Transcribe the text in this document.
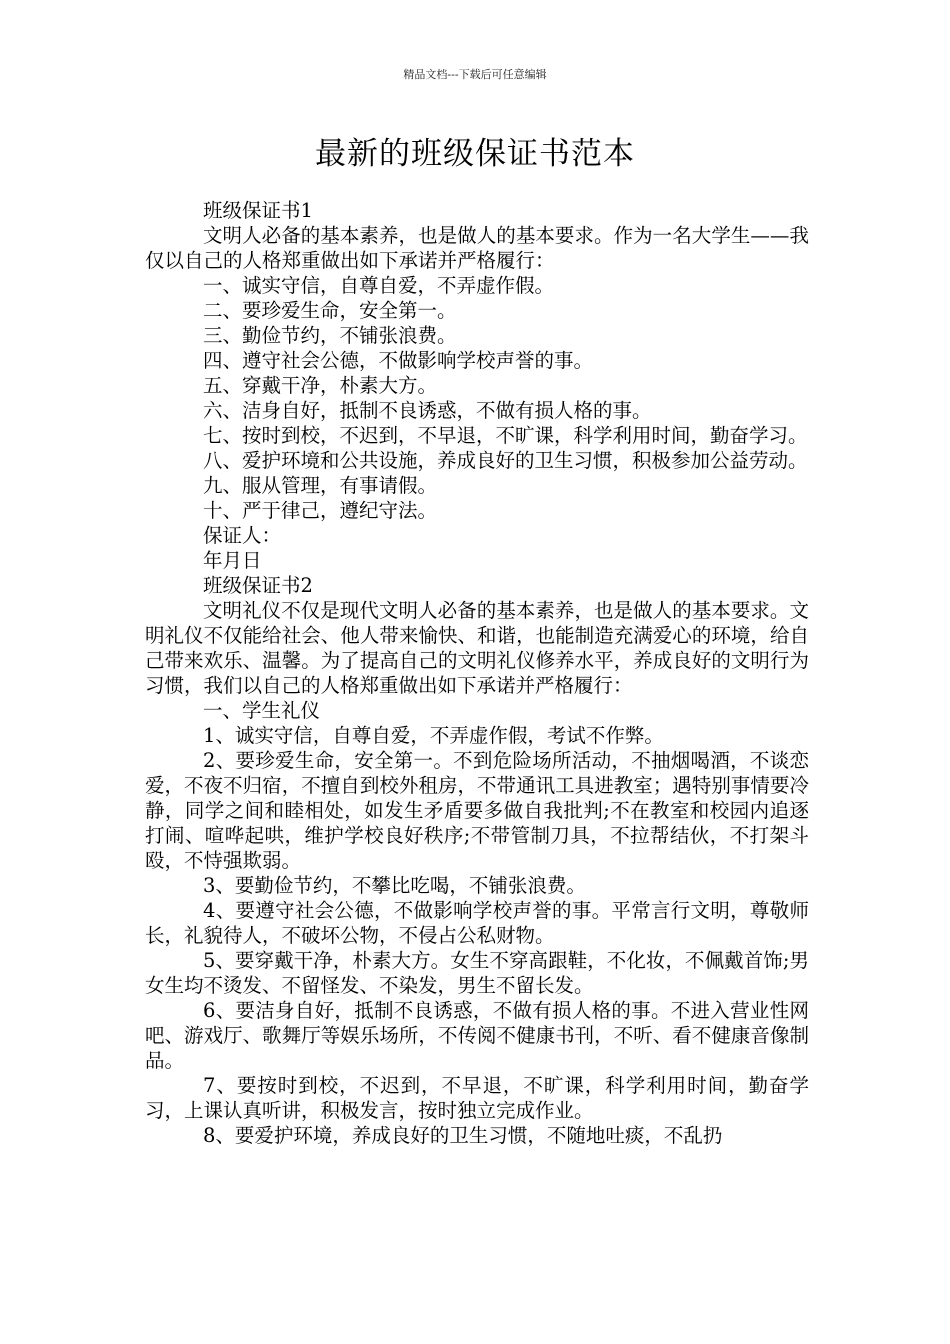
精品文档---下载后可任意编辑
最新的班级保证书范本

班级保证书1

文明人必备的基本素养，也是做人的基本要求。作为一名大学生——我仅以自己的人格郑重做出如下承诺并严格履行：

一、诚实守信，自尊自爱，不弄虚作假。

二、要珍爱生命，安全第一。

三、勤俭节约，不铺张浪费。

四、遵守社会公德，不做影响学校声誉的事。

五、穿戴干净，朴素大方。

六、洁身自好，抵制不良诱惑，不做有损人格的事。

七、按时到校，不迟到，不早退，不旷课，科学利用时间，勤奋学习。

八、爱护环境和公共设施，养成良好的卫生习惯，积极参加公益劳动。

九、服从管理，有事请假。

十、严于律己，遵纪守法。

保证人：

年月日

班级保证书2

文明礼仪不仅是现代文明人必备的基本素养，也是做人的基本要求。文明礼仪不仅能给社会、他人带来愉快、和谐，也能制造充满爱心的环境，给自己带来欢乐、温馨。为了提高自己的文明礼仪修养水平，养成良好的文明行为习惯，我们以自己的人格郑重做出如下承诺并严格履行：

一、学生礼仪

1、诚实守信，自尊自爱，不弄虚作假，考试不作弊。

2、要珍爱生命，安全第一。不到危险场所活动，不抽烟喝酒，不谈恋爱，不夜不归宿，不擅自到校外租房，不带通讯工具进教室；遇特别事情要冷静，同学之间和睦相处，如发生矛盾要多做自我批判;不在教室和校园内追逐打闹、喧哗起哄，维护学校良好秩序;不带管制刀具，不拉帮结伙，不打架斗殴，不恃强欺弱。

3、要勤俭节约，不攀比吃喝，不铺张浪费。

4、要遵守社会公德，不做影响学校声誉的事。平常言行文明，尊敬师长，礼貌待人，不破坏公物，不侵占公私财物。

5、要穿戴干净，朴素大方。女生不穿高跟鞋，不化妆，不佩戴首饰;男女生均不烫发、不留怪发、不染发，男生不留长发。

6、要洁身自好，抵制不良诱惑，不做有损人格的事。不进入营业性网吧、游戏厅、歌舞厅等娱乐场所，不传阅不健康书刊，不听、看不健康音像制品。

7、要按时到校，不迟到，不早退，不旷课，科学利用时间，勤奋学习，上课认真听讲，积极发言，按时独立完成作业。

8、要爱护环境，养成良好的卫生习惯，不随地吐痰，不乱扔
